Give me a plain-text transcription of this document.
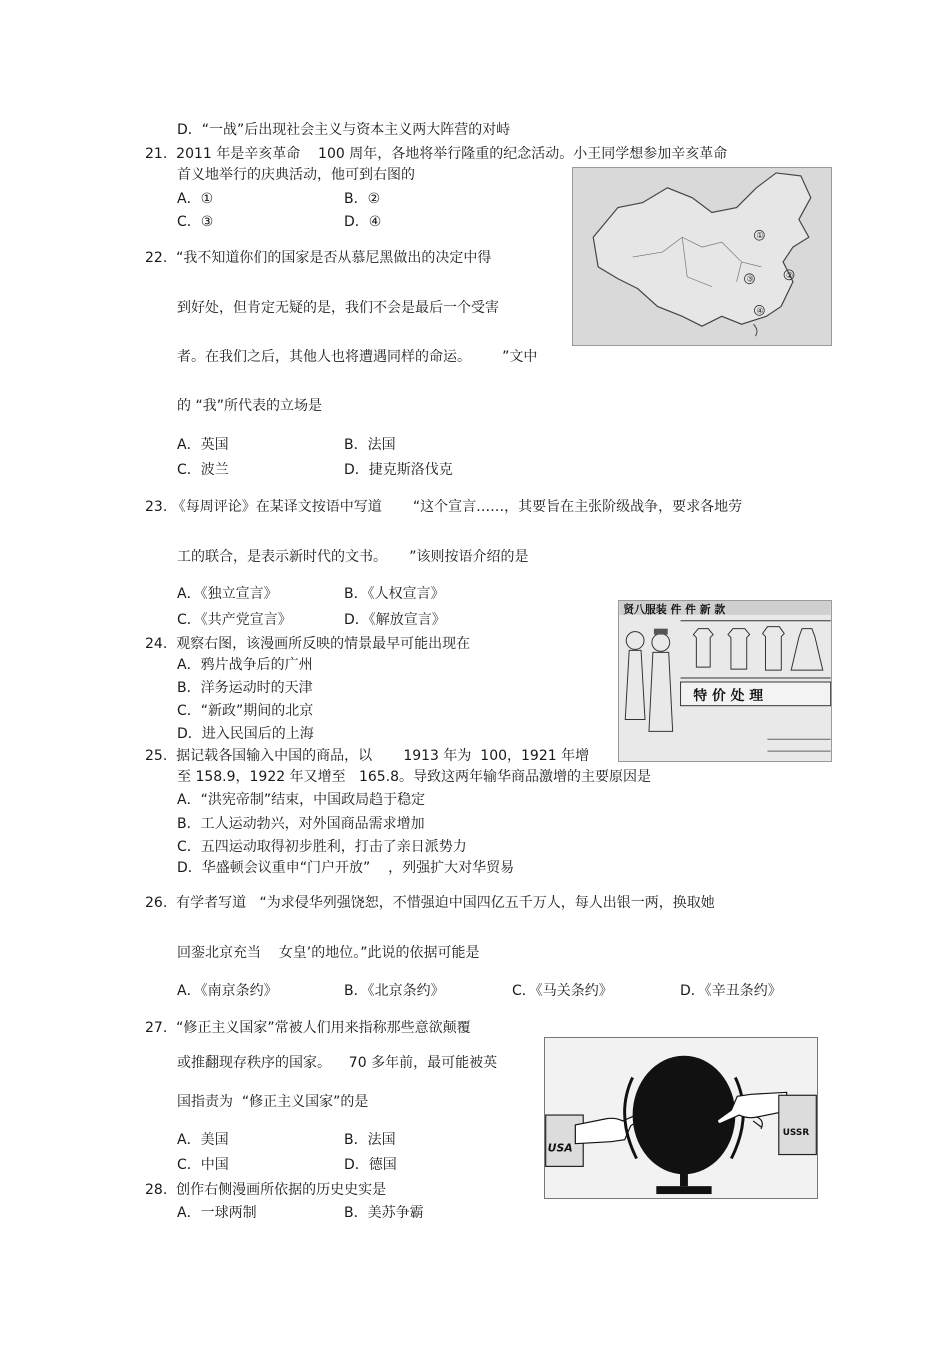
D．“一战”后出现社会主义与资本主义两大阵营的对峙
21.  2011 年是辛亥革命    100 周年，各地将举行隆重的纪念活动。小王同学想参加辛亥革命
首义地举行的庆典活动，他可到右图的
A．①	B．②
C．③	D．④
①
②
③
④
22.  “我不知道你们的国家是否从慕尼黑做出的决定中得
到好处，但肯定无疑的是，我们不会是最后一个受害
者。在我们之后，其他人也将遭遇同样的命运。       ”文中
的 “我”所代表的立场是
A．英国	B．法国
C．波兰	D．捷克斯洛伐克
23. 《每周评论》在某译文按语中写道       “这个宣言……，其要旨在主张阶级战争，要求各地劳
工的联合，是表示新时代的文书。     ”该则按语介绍的是
A．《独立宣言》	B．《人权宣言》
C．《共产党宣言》	D．《解放宣言》
贤八服装 件 件 新 款
特 价 处 理
24.  观察右图，该漫画所反映的情景最早可能出现在
A．鸦片战争后的广州
B．洋务运动时的天津
C．“新政”期间的北京
D．进入民国后的上海
25.  据记载各国输入中国的商品，以       1913 年为  100，1921 年增
至 158.9，1922 年又增至   165.8。导致这两年输华商品激增的主要原因是
A．“洪宪帝制”结束，中国政局趋于稳定
B．工人运动勃兴，对外国商品需求增加
C．五四运动取得初步胜利，打击了亲日派势力
D．华盛顿会议重申“门户开放”    ，列强扩大对华贸易
26.  有学者写道   “为求侵华列强饶恕，不惜强迫中国四亿五千万人，每人出银一两，换取她
回銮北京充当    女皇’的地位。”此说的依据可能是
A．《南京条约》	B．《北京条约》	C．《马关条约》	D．《辛丑条约》
27.  “修正主义国家”常被人们用来指称那些意欲颠覆
或推翻现存秩序的国家。    70 多年前，最可能被英
国指责为  “修正主义国家”的是
A．美国	B．法国
C．中国	D．德国
USA
USSR
28.  创作右侧漫画所依据的历史史实是
A．一球两制	B．美苏争霸
